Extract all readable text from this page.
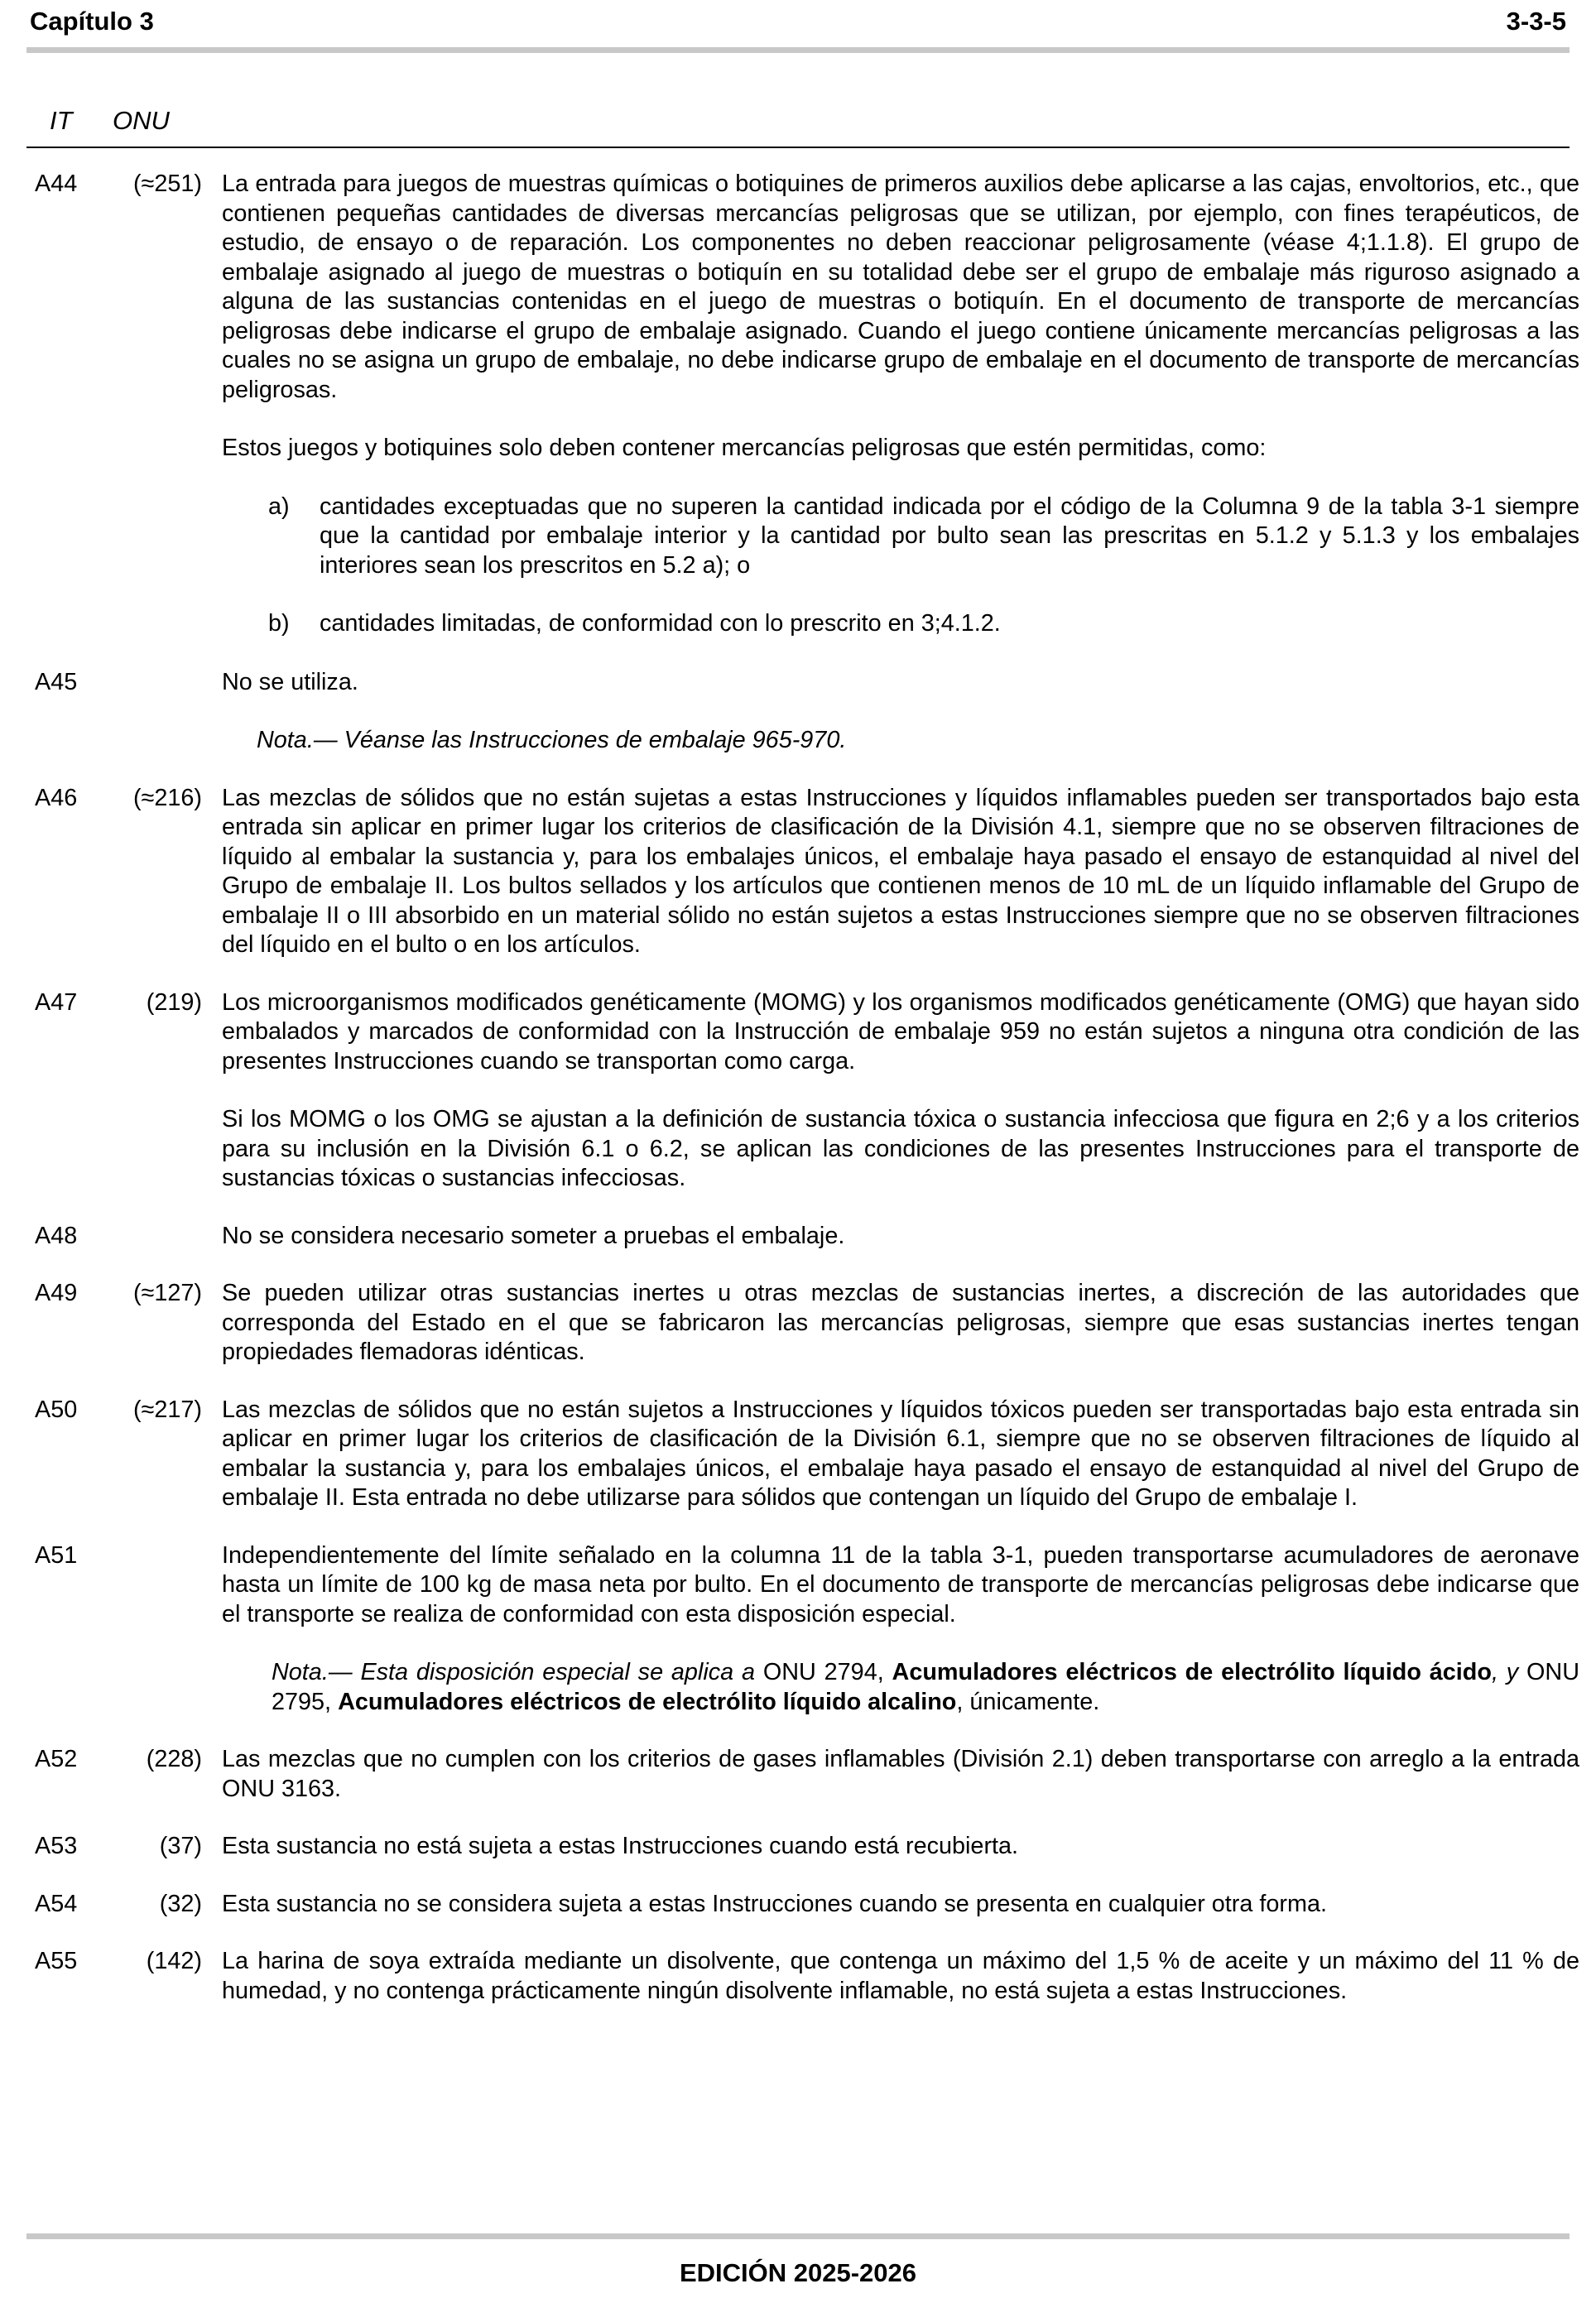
Capítulo 3	3-3-5
IT ONU
A44	(≈251) La entrada para juegos de muestras químicas o botiquines de primeros auxilios debe aplicarse a las cajas, envoltorios, etc., que contienen pequeñas cantidades de diversas mercancías peligrosas que se utilizan, por ejemplo, con fines terapéuticos, de estudio, de ensayo o de reparación. Los componentes no deben reaccionar peligrosamente (véase 4;1.1.8). El grupo de embalaje asignado al juego de muestras o botiquín en su totalidad debe ser el grupo de embalaje más riguroso asignado a alguna de las sustancias contenidas en el juego de muestras o botiquín. En el documento de transporte de mercancías peligrosas debe indicarse el grupo de embalaje asignado. Cuando el juego contiene únicamente mercancías peligrosas a las cuales no se asigna un grupo de embalaje, no debe indicarse grupo de embalaje en el documento de transporte de mercancías peligrosas.

Estos juegos y botiquines solo deben contener mercancías peligrosas que estén permitidas, como:

a) cantidades exceptuadas que no superen la cantidad indicada por el código de la Columna 9 de la tabla 3-1 siempre que la cantidad por embalaje interior y la cantidad por bulto sean las prescritas en 5.1.2 y 5.1.3 y los embalajes interiores sean los prescritos en 5.2 a); o
b) cantidades limitadas, de conformidad con lo prescrito en 3;4.1.2.
A45	No se utiliza.

Nota.— Véanse las Instrucciones de embalaje 965-970.

A46	(≈216) Las mezclas de sólidos que no están sujetas a estas Instrucciones y líquidos inflamables pueden ser transportados bajo esta entrada sin aplicar en primer lugar los criterios de clasificación de la División 4.1, siempre que no se observen filtraciones de líquido al embalar la sustancia y, para los embalajes únicos, el embalaje haya pasado el ensayo de estanquidad al nivel del Grupo de embalaje II. Los bultos sellados y los artículos que contienen menos de 10 mL de un líquido inflamable del Grupo de embalaje II o III absorbido en un material sólido no están sujetos a estas Instrucciones siempre que no se observen filtraciones del líquido en el bulto o en los artículos.

A47	(219) Los microorganismos modificados genéticamente (MOMG) y los organismos modificados genéticamente (OMG) que hayan sido embalados y marcados de conformidad con la Instrucción de embalaje 959 no están sujetos a ninguna otra condición de las presentes Instrucciones cuando se transportan como carga.

Si los MOMG o los OMG se ajustan a la definición de sustancia tóxica o sustancia infecciosa que figura en 2;6 y a los criterios para su inclusión en la División 6.1 o 6.2, se aplican las condiciones de las presentes Instrucciones para el transporte de sustancias tóxicas o sustancias infecciosas.

A48	No se considera necesario someter a pruebas el embalaje.

A49	(≈127) Se pueden utilizar otras sustancias inertes u otras mezclas de sustancias inertes, a discreción de las autoridades que corresponda del Estado en el que se fabricaron las mercancías peligrosas, siempre que esas sustancias inertes tengan propiedades flemadoras idénticas.

A50	(≈217) Las mezclas de sólidos que no están sujetos a Instrucciones y líquidos tóxicos pueden ser transportadas bajo esta entrada sin aplicar en primer lugar los criterios de clasificación de la División 6.1, siempre que no se observen filtraciones de líquido al embalar la sustancia y, para los embalajes únicos, el embalaje haya pasado el ensayo de estanquidad al nivel del Grupo de embalaje II. Esta entrada no debe utilizarse para sólidos que contengan un líquido del Grupo de embalaje I.

A51	Independientemente del límite señalado en la columna 11 de la tabla 3-1, pueden transportarse acumuladores de aeronave hasta un límite de 100 kg de masa neta por bulto. En el documento de transporte de mercancías peligrosas debe indicarse que el transporte se realiza de conformidad con esta disposición especial.

Nota.— Esta disposición especial se aplica a ONU 2794, Acumuladores eléctricos de electrólito líquido ácido, y ONU 2795, Acumuladores eléctricos de electrólito líquido alcalino, únicamente.

A52	(228) Las mezclas que no cumplen con los criterios de gases inflamables (División 2.1) deben transportarse con arreglo a la entrada ONU 3163.

A53	(37) Esta sustancia no está sujeta a estas Instrucciones cuando está recubierta.

A54	(32) Esta sustancia no se considera sujeta a estas Instrucciones cuando se presenta en cualquier otra forma.

A55	(142) La harina de soya extraída mediante un disolvente, que contenga un máximo del 1,5 % de aceite y un máximo del 11 % de humedad, y no contenga prácticamente ningún disolvente inflamable, no está sujeta a estas Instrucciones.

EDICIÓN 2025-2026
